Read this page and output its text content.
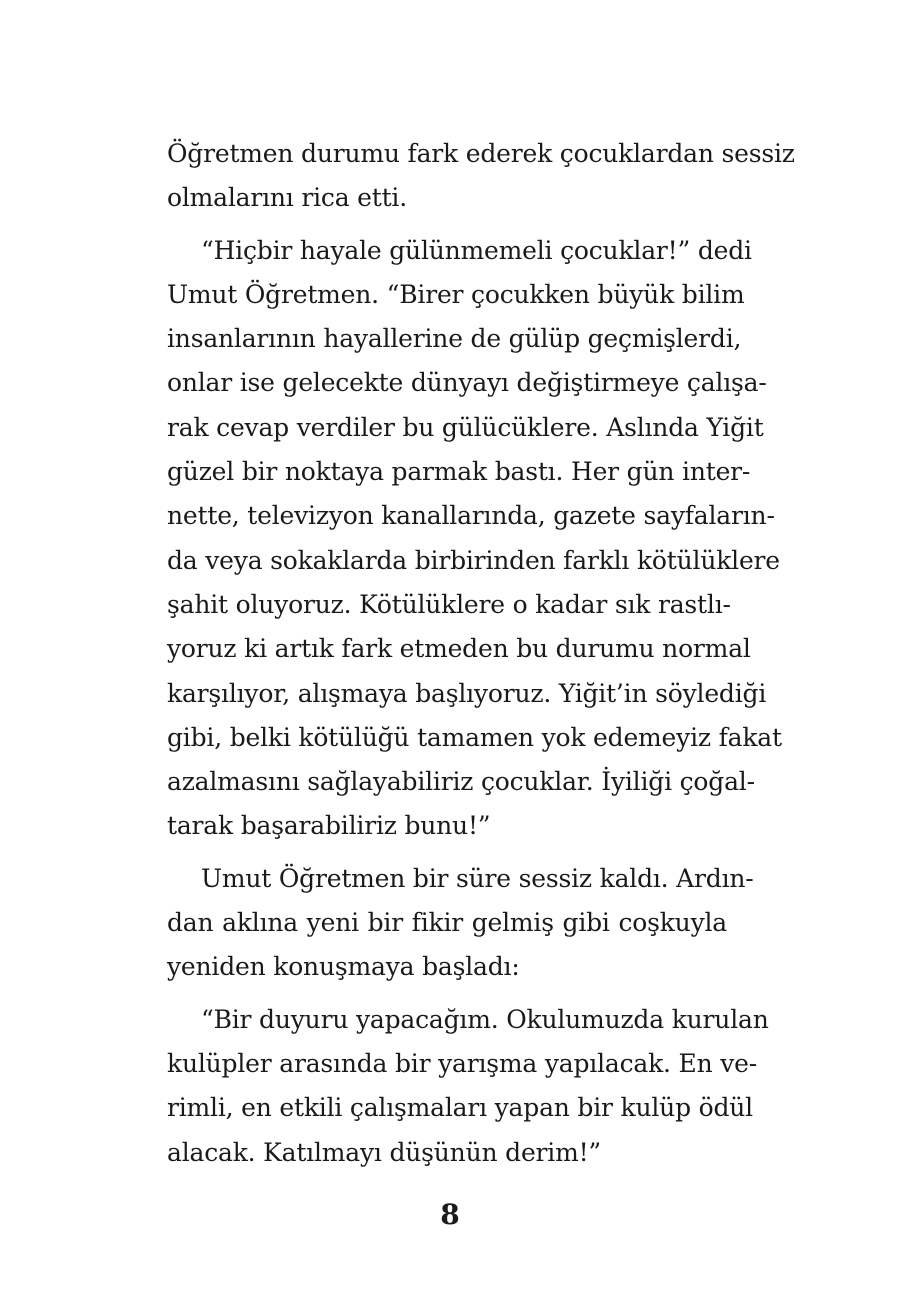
Öğretmen durumu fark ederek çocuklardan sessiz
olmalarını rica etti.
“Hiçbir hayale gülünmemeli çocuklar!” dedi
Umut Öğretmen. “Birer çocukken büyük bilim
insanlarının hayallerine de gülüp geçmişlerdi,
onlar ise gelecekte dünyayı değiştirmeye çalışa-
rak cevap verdiler bu gülücüklere. Aslında Yiğit
güzel bir noktaya parmak bastı. Her gün inter-
nette, televizyon kanallarında, gazete sayfaların-
da veya sokaklarda birbirinden farklı kötülüklere
şahit oluyoruz. Kötülüklere o kadar sık rastlı-
yoruz ki artık fark etmeden bu durumu normal
karşılıyor, alışmaya başlıyoruz. Yiğit’in söylediği
gibi, belki kötülüğü tamamen yok edemeyiz fakat
azalmasını sağlayabiliriz çocuklar. İyiliği çoğal-
tarak başarabiliriz bunu!”
Umut Öğretmen bir süre sessiz kaldı. Ardın-
dan aklına yeni bir fikir gelmiş gibi coşkuyla
yeniden konuşmaya başladı:
“Bir duyuru yapacağım. Okulumuzda kurulan
kulüpler arasında bir yarışma yapılacak. En ve-
rimli, en etkili çalışmaları yapan bir kulüp ödül
alacak. Katılmayı düşünün derim!”
8
